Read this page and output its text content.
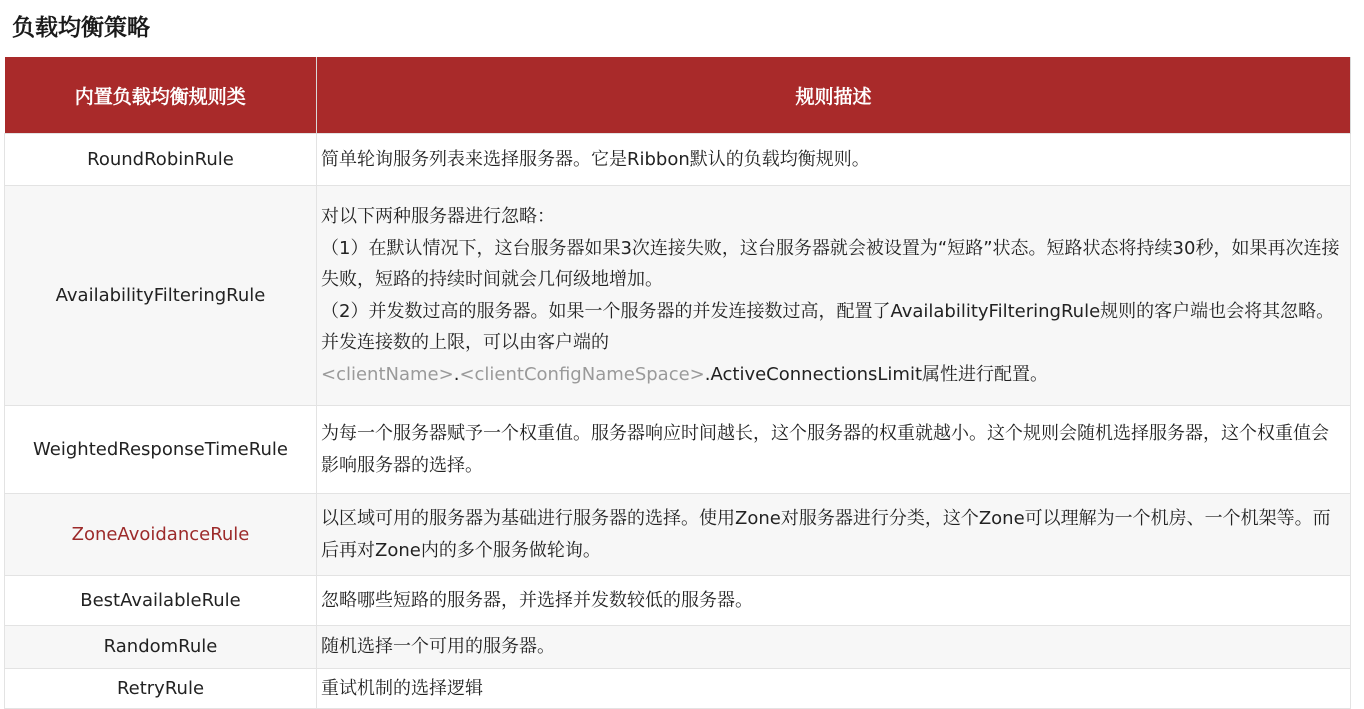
负载均衡策略
内置负载均衡规则类	规则描述
RoundRobinRule	简单轮询服务列表来选择服务器。它是Ribbon默认的负载均衡规则。

AvailabilityFilteringRule	对以下两种服务器进行忽略：
（1）在默认情况下，这台服务器如果3次连接失败，这台服务器就会被设置为“短路”状态。短路状态将持续30秒，如果再次连接失败，短路的持续时间就会几何级地增加。
（2）并发数过高的服务器。如果一个服务器的并发连接数过高，配置了AvailabilityFilteringRule规则的客户端也会将其忽略。并发连接数的上限，可以由客户端的
<clientName>.<clientConfigNameSpace>.ActiveConnectionsLimit属性进行配置。

WeightedResponseTimeRule	为每一个服务器赋予一个权重值。服务器响应时间越长，这个服务器的权重就越小。这个规则会随机选择服务器，这个权重值会影响服务器的选择。

ZoneAvoidanceRule	以区域可用的服务器为基础进行服务器的选择。使用Zone对服务器进行分类，这个Zone可以理解为一个机房、一个机架等。而后再对Zone内的多个服务做轮询。

BestAvailableRule	忽略哪些短路的服务器，并选择并发数较低的服务器。

RandomRule	随机选择一个可用的服务器。

RetryRule	重试机制的选择逻辑
